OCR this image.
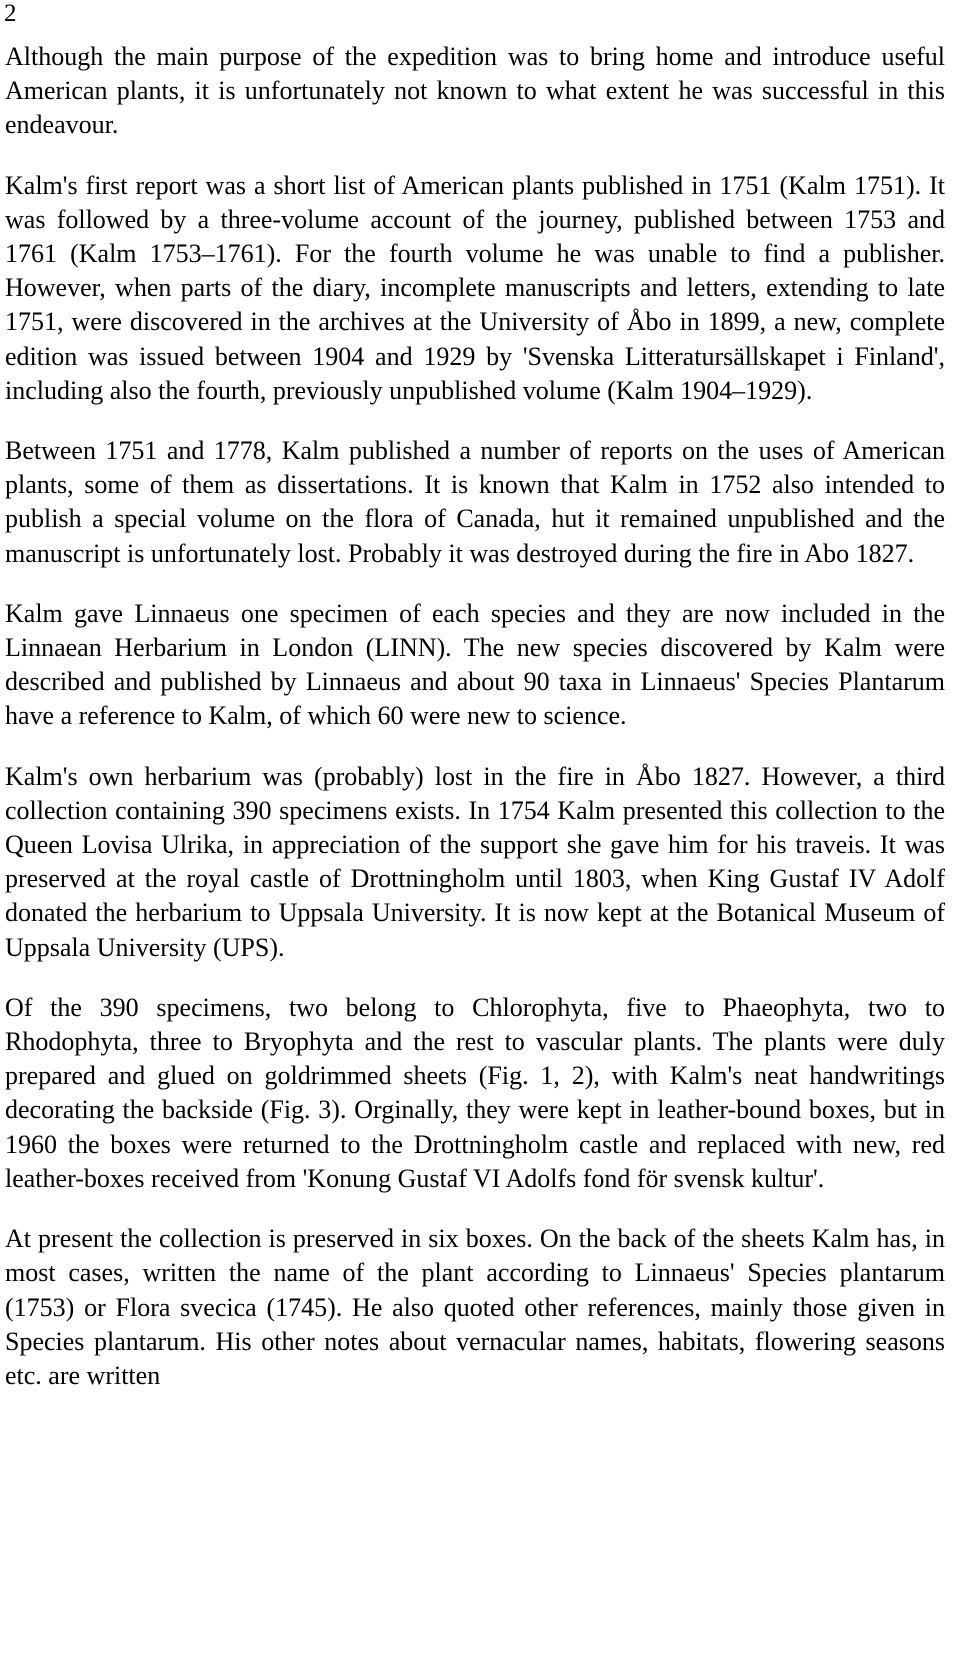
2

Although the main purpose of the expedition was to bring home and introduce useful American plants, it is unfortunately not known to what extent he was successful in this endeavour.

Kalm's first report was a short list of American plants published in 1751 (Kalm 1751). It was followed by a three-volume account of the journey, published between 1753 and 1761 (Kalm 1753–1761). For the fourth volume he was unable to find a publisher. However, when parts of the diary, incomplete manuscripts and letters, extending to late 1751, were discovered in the archives at the University of Åbo in 1899, a new, complete edition was issued between 1904 and 1929 by 'Svenska Litteratursällskapet i Finland', including also the fourth, previously unpublished volume (Kalm 1904–1929).

Between 1751 and 1778, Kalm published a number of reports on the uses of American plants, some of them as dissertations. It is known that Kalm in 1752 also intended to publish a special volume on the flora of Canada, hut it remained unpublished and the manuscript is unfortunately lost. Probably it was destroyed during the fire in Abo 1827.

Kalm gave Linnaeus one specimen of each species and they are now included in the Linnaean Herbarium in London (LINN). The new species discovered by Kalm were described and published by Linnaeus and about 90 taxa in Linnaeus' Species Plantarum have a reference to Kalm, of which 60 were new to science.

Kalm's own herbarium was (probably) lost in the fire in Åbo 1827. However, a third collection containing 390 specimens exists. In 1754 Kalm presented this collection to the Queen Lovisa Ulrika, in appreciation of the support she gave him for his traveis. It was preserved at the royal castle of Drottningholm until 1803, when King Gustaf IV Adolf donated the herbarium to Uppsala University. It is now kept at the Botanical Museum of Uppsala University (UPS).

Of the 390 specimens, two belong to Chlorophyta, five to Phaeophyta, two to Rhodophyta, three to Bryophyta and the rest to vascular plants. The plants were duly prepared and glued on goldrimmed sheets (Fig. 1, 2), with Kalm's neat handwritings decorating the backside (Fig. 3). Orginally, they were kept in leather-bound boxes, but in 1960 the boxes were returned to the Drottningholm castle and replaced with new, red leather-boxes received from 'Konung Gustaf VI Adolfs fond för svensk kultur'.

At present the collection is preserved in six boxes. On the back of the sheets Kalm has, in most cases, written the name of the plant according to Linnaeus' Species plantarum (1753) or Flora svecica (1745). He also quoted other references, mainly those given in Species plantarum. His other notes about vernacular names, habitats, flowering seasons etc. are written
